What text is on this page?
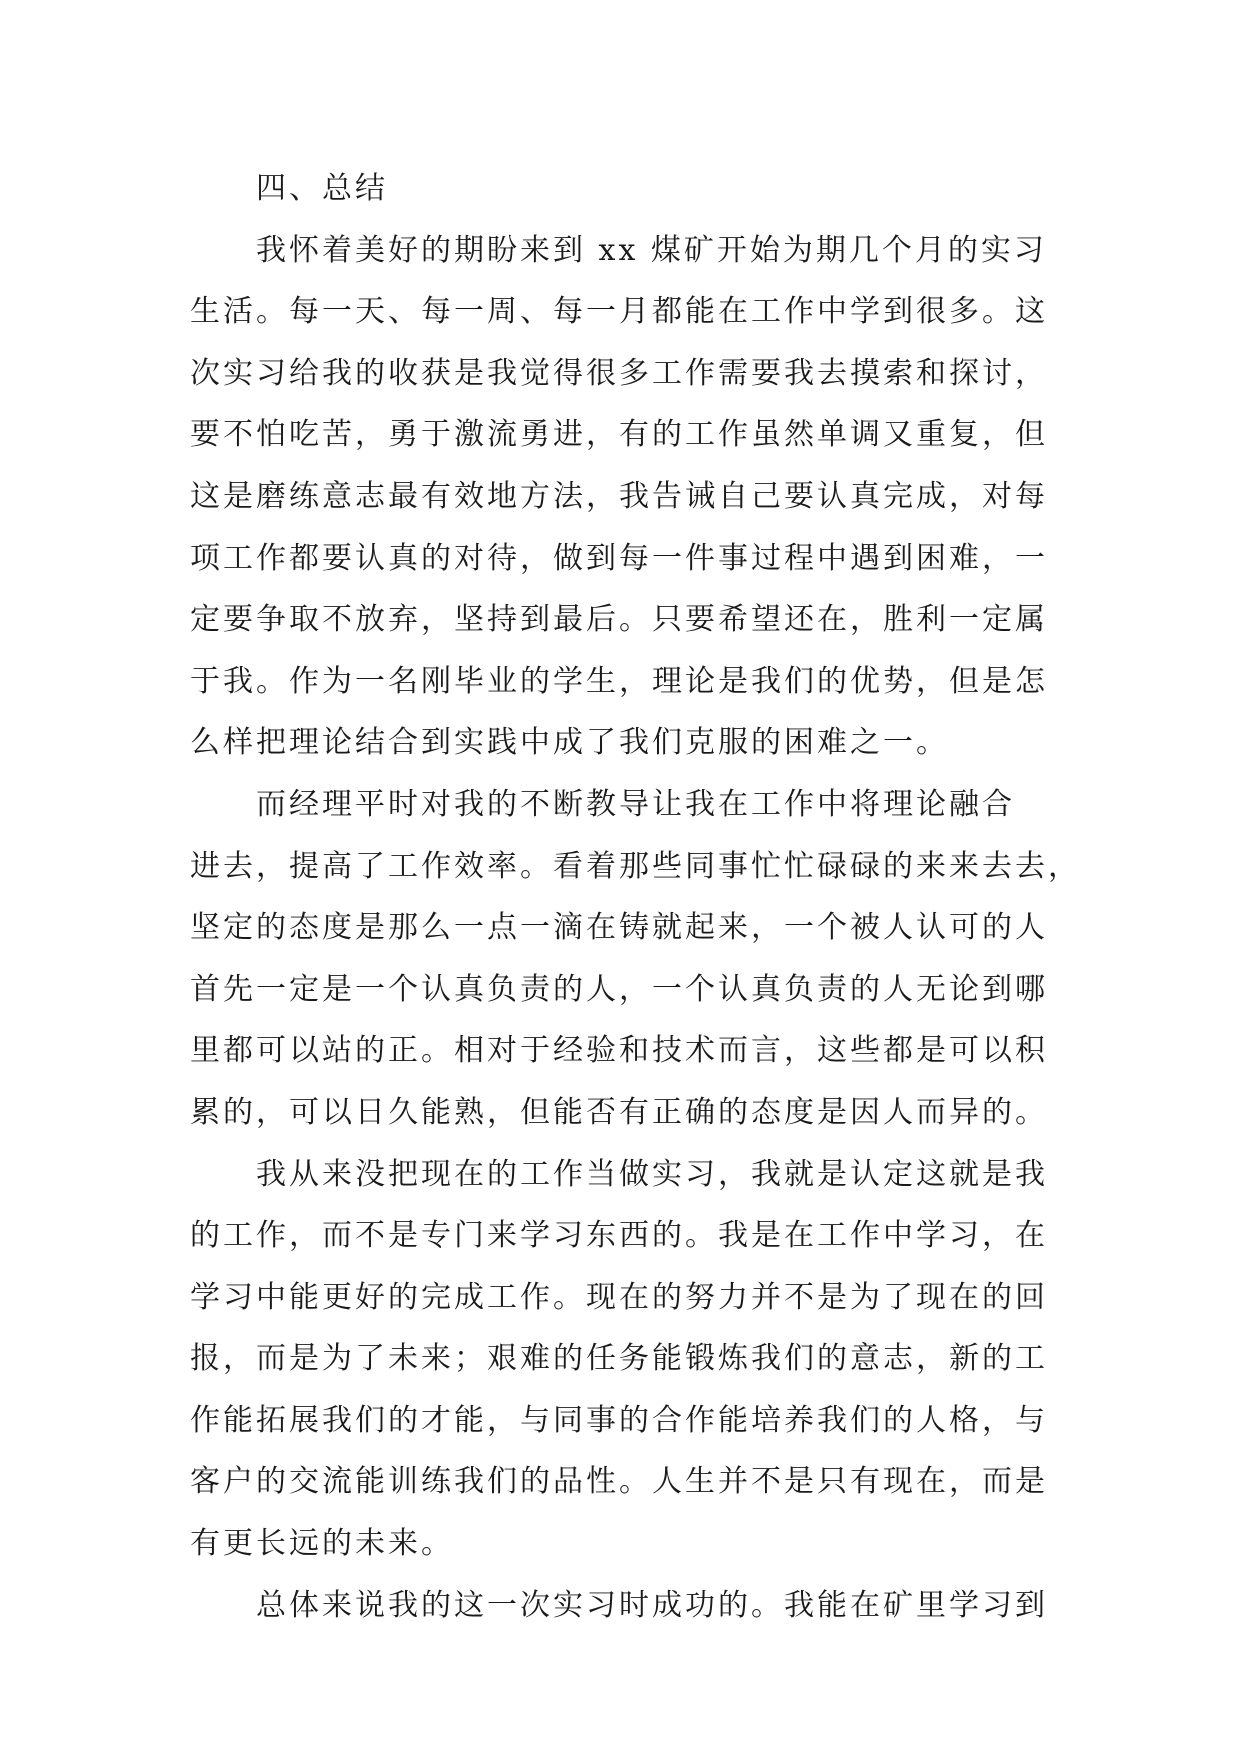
四、总结

我怀着美好的期盼来到 xx 煤矿开始为期几个月的实习
生活。每一天、每一周、每一月都能在工作中学到很多。这
次实习给我的收获是我觉得很多工作需要我去摸索和探讨，
要不怕吃苦，勇于激流勇进，有的工作虽然单调又重复，但
这是磨练意志最有效地方法，我告诫自己要认真完成，对每
项工作都要认真的对待，做到每一件事过程中遇到困难，一
定要争取不放弃，坚持到最后。只要希望还在，胜利一定属
于我。作为一名刚毕业的学生，理论是我们的优势，但是怎
么样把理论结合到实践中成了我们克服的困难之一。

而经理平时对我的不断教导让我在工作中将理论融合
进去，提高了工作效率。看着那些同事忙忙碌碌的来来去去，
坚定的态度是那么一点一滴在铸就起来，一个被人认可的人
首先一定是一个认真负责的人，一个认真负责的人无论到哪
里都可以站的正。相对于经验和技术而言，这些都是可以积
累的，可以日久能熟，但能否有正确的态度是因人而异的。

我从来没把现在的工作当做实习，我就是认定这就是我
的工作，而不是专门来学习东西的。我是在工作中学习，在
学习中能更好的完成工作。现在的努力并不是为了现在的回
报，而是为了未来；艰难的任务能锻炼我们的意志，新的工
作能拓展我们的才能，与同事的合作能培养我们的人格，与
客户的交流能训练我们的品性。人生并不是只有现在，而是
有更长远的未来。

总体来说我的这一次实习时成功的。我能在矿里学习到
